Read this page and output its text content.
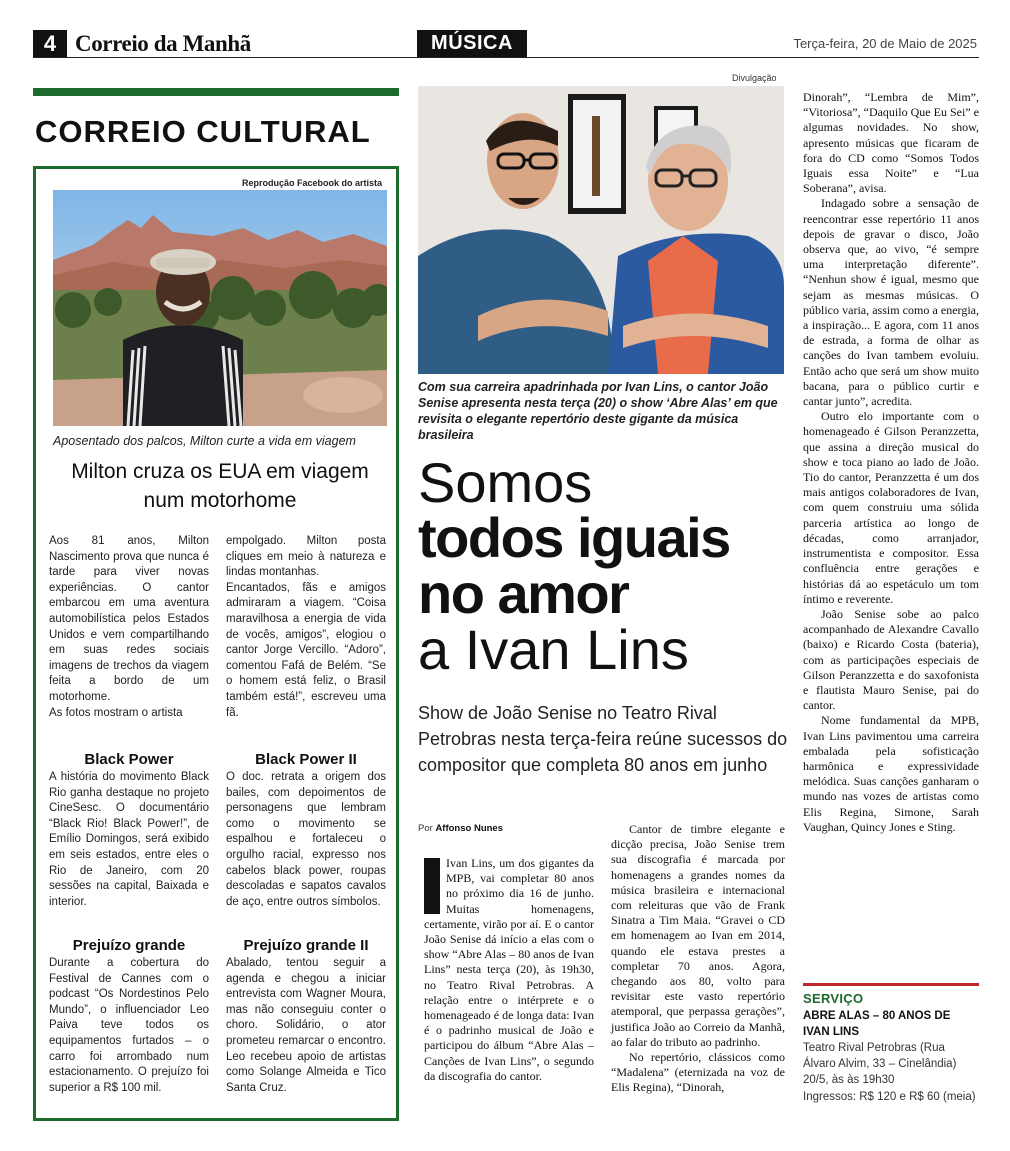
4 Correio da Manhã	MÚSICA	Terça-feira, 20 de Maio de 2025
CORREIO CULTURAL
Reprodução Facebook do artista
Aposentado dos palcos, Milton curte a vida em viagem
Milton cruza os EUA em viagem num motorhome

Aos 81 anos, Milton Nascimento prova que nunca é tarde para viver novas experiências. O cantor embarcou em uma aventura automobilística pelos Estados Unidos e vem compartilhando em suas redes sociais imagens de trechos da viagem feita a bordo de um motorhome.

As fotos mostram o artista

empolgado. Milton posta cliques em meio à natureza e lindas montanhas.

Encantados, fãs e amigos admiraram a viagem. “Coisa maravilhosa a energia de vida de vocês, amigos”, elogiou o cantor Jorge Vercillo. “Adoro”, comentou Fafá de Belém. “Se o homem está feliz, o Brasil também está!”, escreveu uma fã.

Black Power

A história do movimento Black Rio ganha destaque no projeto CineSesc. O documentário “Black Rio! Black Power!”, de Emílio Domingos, será exibido em seis estados, entre eles o Rio de Janeiro, com 20 sessões na capital, Baixada e interior.

Black Power II

O doc. retrata a origem dos bailes, com depoimentos de personagens que lembram como o movimento se espalhou e fortaleceu o orgulho racial, expresso nos cabelos black power, roupas descoladas e sapatos cavalos de aço, entre outros símbolos.

Prejuízo grande

Durante a cobertura do Festival de Cannes com o podcast “Os Nordestinos Pelo Mundo”, o influenciador Leo Paiva teve todos os equipamentos furtados – o carro foi arrombado num estacionamento. O prejuízo foi superior a R$ 100 mil.

Prejuízo grande II

Abalado, tentou seguir a agenda e chegou a iniciar entrevista com Wagner Moura, mas não conseguiu conter o choro. Solidário, o ator prometeu remarcar o encontro. Leo recebeu apoio de artistas como Solange Almeida e Tico Santa Cruz.

Divulgação
Com sua carreira apadrinhada por Ivan Lins, o cantor João Senise apresenta nesta terça (20) o show ‘Abre Alas’ em que revisita o elegante repertório deste gigante da música brasileira
Somos
todos iguais
no amor
a Ivan Lins
Show de João Senise no Teatro Rival Petrobras nesta terça-feira reúne sucessos do compositor que completa 80 anos em junho
Por Affonso Nunes

Ivan Lins, um dos gigantes da MPB, vai completar 80 anos no próximo dia 16 de junho. Muitas homenagens, certamente, virão por aí. E o cantor João Senise dá início a elas com o show “Abre Alas – 80 anos de Ivan Lins” nesta terça (20), às 19h30, no Teatro Rival Petrobras. A relação entre o intérprete e o homenageado é de longa data: Ivan é o padrinho musical de João e participou do álbum “Abre Alas – Canções de Ivan Lins”, o segundo da discografia do cantor.

Cantor de timbre elegante e dicção precisa, João Senise trem sua discografia é marcada por homenagens a grandes nomes da música brasileira e internacional com releituras que vão de Frank Sinatra a Tim Maia. “Gravei o CD em homenagem ao Ivan em 2014, quando ele estava prestes a completar 70 anos. Agora, chegando aos 80, volto para revisitar este vasto repertório atemporal, que perpassa gerações”, justifica João ao Correio da Manhã, ao falar do tributo ao padrinho.

No repertório, clássicos como “Madalena” (eternizada na voz de Elis Regina), “Dinorah,

Dinorah”, “Lembra de Mim”, “Vitoriosa”, “Daquilo Que Eu Sei” e algumas novidades. No show, apresento músicas que ficaram de fora do CD como “Somos Todos Iguais essa Noite” e “Lua Soberana”, avisa.

Indagado sobre a sensação de reencontrar esse repertório 11 anos depois de gravar o disco, João observa que, ao vivo, “é sempre uma interpretação diferente”. “Nenhun show é igual, mesmo que sejam as mesmas músicas. O público varia, assim como a energia, a inspiração... E agora, com 11 anos de estrada, a forma de olhar as canções do Ivan tambem evoluiu. Então acho que será um show muito bacana, para o público curtir e cantar junto”, acredita.

Outro elo importante com o homenageado é Gilson Peranzzetta, que assina a direção musical do show e toca piano ao lado de João. Tio do cantor, Peranzzetta é um dos mais antigos colaboradores de Ivan, com quem construiu uma sólida parceria artística ao longo de décadas, como arranjador, instrumentista e compositor. Essa confluência entre gerações e histórias dá ao espetáculo um tom íntimo e reverente.

João Senise sobe ao palco acompanhado de Alexandre Cavallo (baixo) e Ricardo Costa (bateria), com as participações especiais de Gilson Peranzzetta e do saxofonista e flautista Mauro Senise, pai do cantor.

Nome fundamental da MPB, Ivan Lins pavimentou uma carreira embalada pela sofisticação harmônica e expressividade melódica. Suas canções ganharam o mundo nas vozes de artistas como Elis Regina, Simone, Sarah Vaughan, Quincy Jones e Sting.

SERVIÇO
ABRE ALAS – 80 ANOS DE IVAN LINS
Teatro Rival Petrobras (Rua Álvaro Alvim, 33 – Cinelândia)
20/5, às às 19h30
Ingressos: R$ 120 e R$ 60 (meia)
